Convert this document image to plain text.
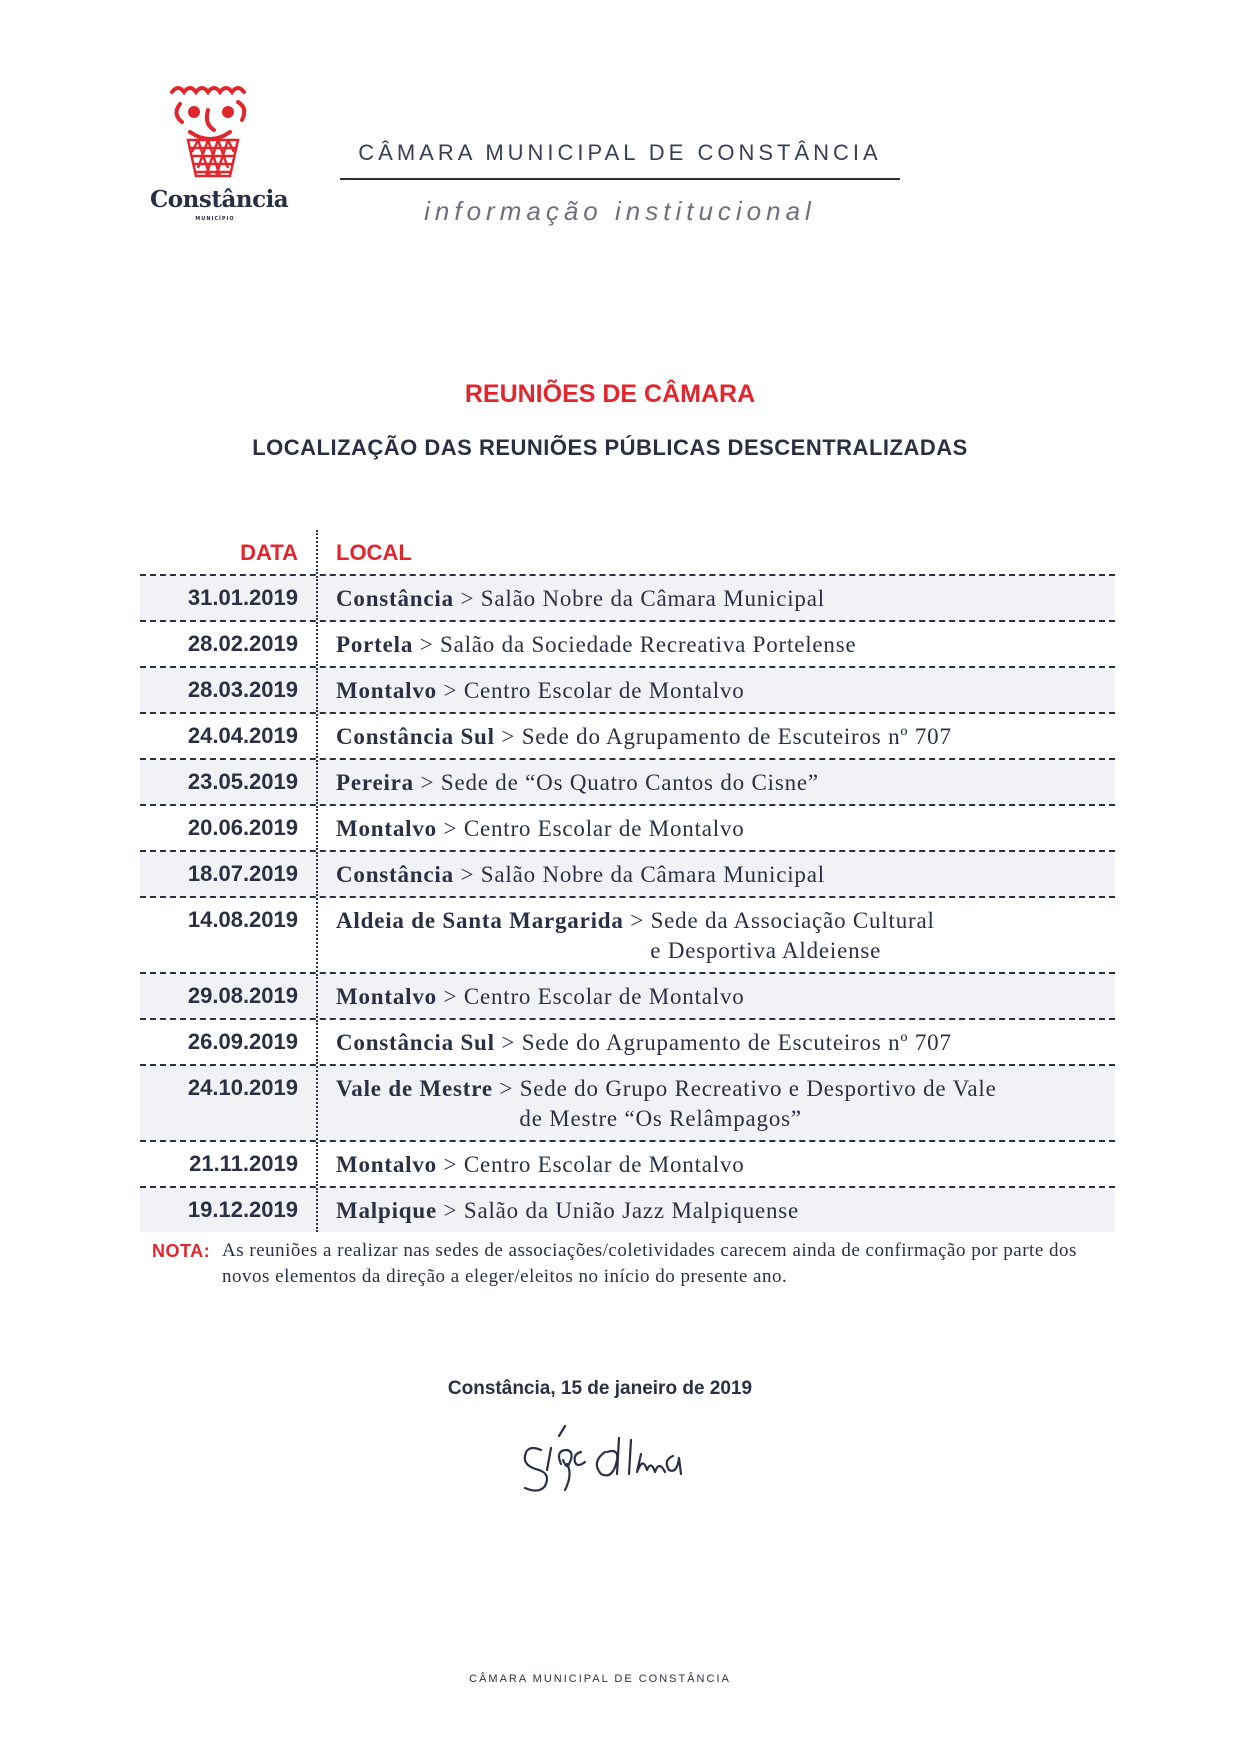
Constância
MUNICÍPIO
CÂMARA MUNICIPAL DE CONSTÂNCIA
informação institucional
REUNIÕES DE CÂMARA
LOCALIZAÇÃO DAS REUNIÕES PÚBLICAS DESCENTRALIZADAS
DATA	LOCAL
31.01.2019	Constância > Salão Nobre da Câmara Municipal
28.02.2019	Portela > Salão da Sociedade Recreativa Portelense
28.03.2019	Montalvo > Centro Escolar de Montalvo
24.04.2019	Constância Sul > Sede do Agrupamento de Escuteiros nº 707
23.05.2019	Pereira > Sede de “Os Quatro Cantos do Cisne”
20.06.2019	Montalvo > Centro Escolar de Montalvo
18.07.2019	Constância > Salão Nobre da Câmara Municipal
14.08.2019	Aldeia de Santa Margarida > Sede da Associação Cultural
e Desportiva Aldeiense
29.08.2019	Montalvo > Centro Escolar de Montalvo
26.09.2019	Constância Sul > Sede do Agrupamento de Escuteiros nº 707
24.10.2019	Vale de Mestre > Sede do Grupo Recreativo e Desportivo de Vale
de Mestre “Os Relâmpagos”
21.11.2019	Montalvo > Centro Escolar de Montalvo
19.12.2019	Malpique > Salão da União Jazz Malpiquense
NOTA: As reuniões a realizar nas sedes de associações/coletividades carecem ainda de confirmação por parte dos novos elementos da direção a eleger/eleitos no início do presente ano.
Constância, 15 de janeiro de 2019
CÂMARA MUNICIPAL DE CONSTÂNCIA
